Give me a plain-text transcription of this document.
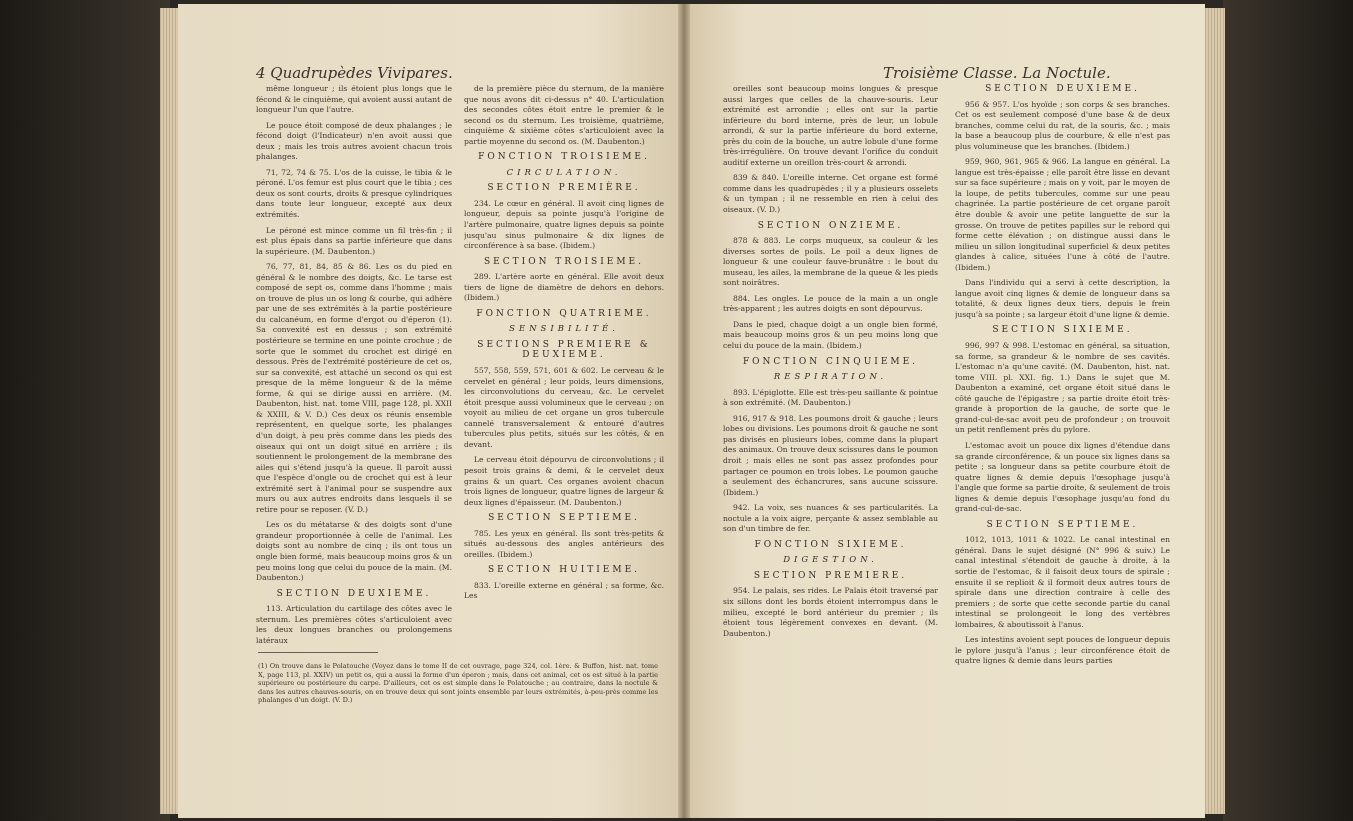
4 Quadrupèdes Vivipares.

même longueur ; ils étoient plus longs que le fécond & le cinquième, qui avoient aussi autant de longueur l'un que l'autre.

Le pouce étoit composé de deux phalanges ; le fécond doigt (l'Indicateur) n'en avoit aussi que deux ; mais les trois autres avoient chacun trois phalanges.

71, 72, 74 & 75. L'os de la cuisse, le tibia & le péroné. L'os femur est plus court que le tibia ; ces deux os sont courts, droits & presque cylindriques dans toute leur longueur, excepté aux deux extrémités.

Le péroné est mince comme un fil très-fin ; il est plus épais dans sa partie inférieure que dans la supérieure. (M. Daubenton.)

76, 77, 81, 84, 85 & 86. Les os du pied en général & le nombre des doigts, &c. Le tarse est composé de sept os, comme dans l'homme ; mais on trouve de plus un os long & courbe, qui adhère par une de ses extrémités à la partie postérieure du calcanéum, en forme d'ergot ou d'éperon (1). Sa convexité est en dessus ; son extrémité postérieure se termine en une pointe crochue ; de sorte que le sommet du crochet est dirigé en dessous. Près de l'extrémité postérieure de cet os, sur sa convexité, est attaché un second os qui est presque de la même longueur & de la même forme, & qui se dirige aussi en arrière. (M. Daubenton, hist. nat. tome VIII, page 128, pl. XXII & XXIII, & V. D.) Ces deux os réunis ensemble représentent, en quelque sorte, les phalanges d'un doigt, à peu près comme dans les pieds des oiseaux qui ont un doigt situé en arrière ; ils soutiennent le prolongement de la membrane des ailes qui s'étend jusqu'à la queue. Il paroît aussi que l'espèce d'ongle ou de crochet qui est à leur extrémité sert à l'animal pour se suspendre aux murs ou aux autres endroits dans lesquels il se retire pour se reposer. (V. D.)

Les os du métatarse & des doigts sont d'une grandeur proportionnée à celle de l'animal. Les doigts sont au nombre de cinq ; ils ont tous un ongle bien formé, mais beaucoup moins gros & un peu moins long que celui du pouce de la main. (M. Daubenton.)

SECTION DEUXIEME.

113. Articulation du cartilage des côtes avec le sternum. Les premières côtes s'articuloient avec les deux longues branches ou prolongemens latéraux

de la première pièce du sternum, de la manière que nous avons dit ci-dessus n° 40. L'articulation des secondes côtes étoit entre le premier & le second os du sternum. Les troisième, quatrième, cinquième & sixième côtes s'articuloient avec la partie moyenne du second os. (M. Daubenton.)

FONCTION TROISIEME.

CIRCULATION.

SECTION PREMIÈRE.

234. Le cœur en général. Il avoit cinq lignes de longueur, depuis sa pointe jusqu'à l'origine de l'artère pulmonaire, quatre lignes depuis sa pointe jusqu'au sinus pulmonaire & dix lignes de circonférence à sa base. (Ibidem.)

SECTION TROISIEME.

289. L'artère aorte en général. Elle avoit deux tiers de ligne de diamètre de dehors en dehors. (Ibidem.)

FONCTION QUATRIEME.

SENSIBILITÉ.

SECTIONS PREMIERE & DEUXIEME.

557, 558, 559, 571, 601 & 602. Le cerveau & le cervelet en général ; leur poids, leurs dimensions, les circonvolutions du cerveau, &c. Le cervelet étoit presque aussi volumineux que le cerveau ; on voyoit au milieu de cet organe un gros tubercule cannelé transversalement & entouré d'autres tubercules plus petits, situés sur les côtés, & en devant.

Le cerveau étoit dépourvu de circonvolutions ; il pesoit trois grains & demi, & le cervelet deux grains & un quart. Ces organes avoient chacun trois lignes de longueur, quatre lignes de largeur & deux lignes d'épaisseur. (M. Daubenton.)

SECTION SEPTIEME.

785. Les yeux en général. Ils sont très-petits & situés au-dessous des angles antérieurs des oreilles. (Ibidem.)

SECTION HUITIEME.

833. L'oreille externe en général ; sa forme, &c. Les

(1) On trouve dans le Polatouche (Voyez dans le tome II de cet ouvrage, page 324, col. 1ère. & Buffon, hist. nat. tome X, page 113, pl. XXIV) un petit os, qui a aussi la forme d'un éperon ; mais, dans cet animal, cet os est situé à la partie supérieure ou postérieure du carpe. D'ailleurs, cet os est simple dans le Polatouche ; au contraire, dans la noctule & dans les autres chauves-souris, on en trouve deux qui sont joints ensemble par leurs extrémités, à-peu-près comme les phalanges d'un doigt. (V. D.)
Troisième Classe. La Noctule.

oreilles sont beaucoup moins longues & presque aussi larges que celles de la chauve-souris. Leur extrémité est arrondie ; elles ont sur la partie inférieure du bord interne, près de leur, un lobule arrondi, & sur la partie inférieure du bord externe, près du coin de la bouche, un autre lobule d'une forme très-irrégulière. On trouve devant l'orifice du conduit auditif externe un oreillon très-court & arrondi.

839 & 840. L'oreille interne. Cet organe est formé comme dans les quadrupèdes ; il y a plusieurs osselets & un tympan ; il ne ressemble en rien à celui des oiseaux. (V. D.)

SECTION ONZIEME.

878 & 883. Le corps muqueux, sa couleur & les diverses sortes de poils. Le poil a deux lignes de longueur & une couleur fauve-brunâtre : le bout du museau, les ailes, la membrane de la queue & les pieds sont noirâtres.

884. Les ongles. Le pouce de la main a un ongle très-apparent ; les autres doigts en sont dépourvus.

Dans le pied, chaque doigt a un ongle bien formé, mais beaucoup moins gros & un peu moins long que celui du pouce de la main. (Ibidem.)

FONCTION CINQUIEME.

RESPIRATION.

893. L'épiglotte. Elle est très-peu saillante & pointue à son extrémité. (M. Daubenton.)

916, 917 & 918. Les poumons droit & gauche ; leurs lobes ou divisions. Les poumons droit & gauche ne sont pas divisés en plusieurs lobes, comme dans la plupart des animaux. On trouve deux scissures dans le poumon droit ; mais elles ne sont pas assez profondes pour partager ce poumon en trois lobes. Le poumon gauche a seulement des échancrures, sans aucune scissure. (Ibidem.)

942. La voix, ses nuances & ses particularités. La noctule a la voix aigre, perçante & assez semblable au son d'un timbre de fer.

FONCTION SIXIEME.

DIGESTION.

SECTION PREMIERE.

954. Le palais, ses rides. Le Palais étoit traversé par six sillons dont les bords étoient interrompus dans le milieu, excepté le bord antérieur du premier ; ils étoient tous légèrement convexes en devant. (M. Daubenton.)

SECTION DEUXIEME.

956 & 957. L'os hyoïde ; son corps & ses branches. Cet os est seulement composé d'une base & de deux branches, comme celui du rat, de la souris, &c. ; mais la base a beaucoup plus de courbure, & elle n'est pas plus volumineuse que les branches. (Ibidem.)

959, 960, 961, 965 & 966. La langue en général. La langue est très-épaisse ; elle paroît être lisse en devant sur sa face supérieure ; mais on y voit, par le moyen de la loupe, de petits tubercules, comme sur une peau chagrinée. La partie postérieure de cet organe paroît être double & avoir une petite languette de sur la grosse. On trouve de petites papilles sur le rebord qui forme cette élévation ; on distingue aussi dans le milieu un sillon longitudinal superficiel & deux petites glandes à calice, situées l'une à côté de l'autre. (Ibidem.)

Dans l'individu qui a servi à cette description, la langue avoit cinq lignes & demie de longueur dans sa totalité, & deux lignes deux tiers, depuis le frein jusqu'à sa pointe ; sa largeur étoit d'une ligne & demie.

SECTION SIXIEME.

996, 997 & 998. L'estomac en général, sa situation, sa forme, sa grandeur & le nombre de ses cavités. L'estomac n'a qu'une cavité. (M. Daubenton, hist. nat. tome VIII. pl. XXI. fig. 1.) Dans le sujet que M. Daubenton a examiné, cet organe étoit situé dans le côté gauche de l'épigastre ; sa partie droite étoit très-grande à proportion de la gauche, de sorte que le grand-cul-de-sac avoit peu de profondeur ; on trouvoit un petit renflement près du pylore.

L'estomac avoit un pouce dix lignes d'étendue dans sa grande circonférence, & un pouce six lignes dans sa petite ; sa longueur dans sa petite courbure étoit de quatre lignes & demie depuis l'œsophage jusqu'à l'angle que forme sa partie droite, & seulement de trois lignes & demie depuis l'œsophage jusqu'au fond du grand-cul-de-sac.

SECTION SEPTIEME.

1012, 1013, 1011 & 1022. Le canal intestinal en général. Dans le sujet désigné (N° 996 & suiv.) Le canal intestinal s'étendoit de gauche à droite, à la sortie de l'estomac, & il faisoit deux tours de spirale ; ensuite il se replioit & il formoit deux autres tours de spirale dans une direction contraire à celle des premiers ; de sorte que cette seconde partie du canal intestinal se prolongeoit le long des vertèbres lombaires, & aboutissoit à l'anus.

Les intestins avoient sept pouces de longueur depuis le pylore jusqu'à l'anus ; leur circonférence étoit de quatre lignes & demie dans leurs parties
